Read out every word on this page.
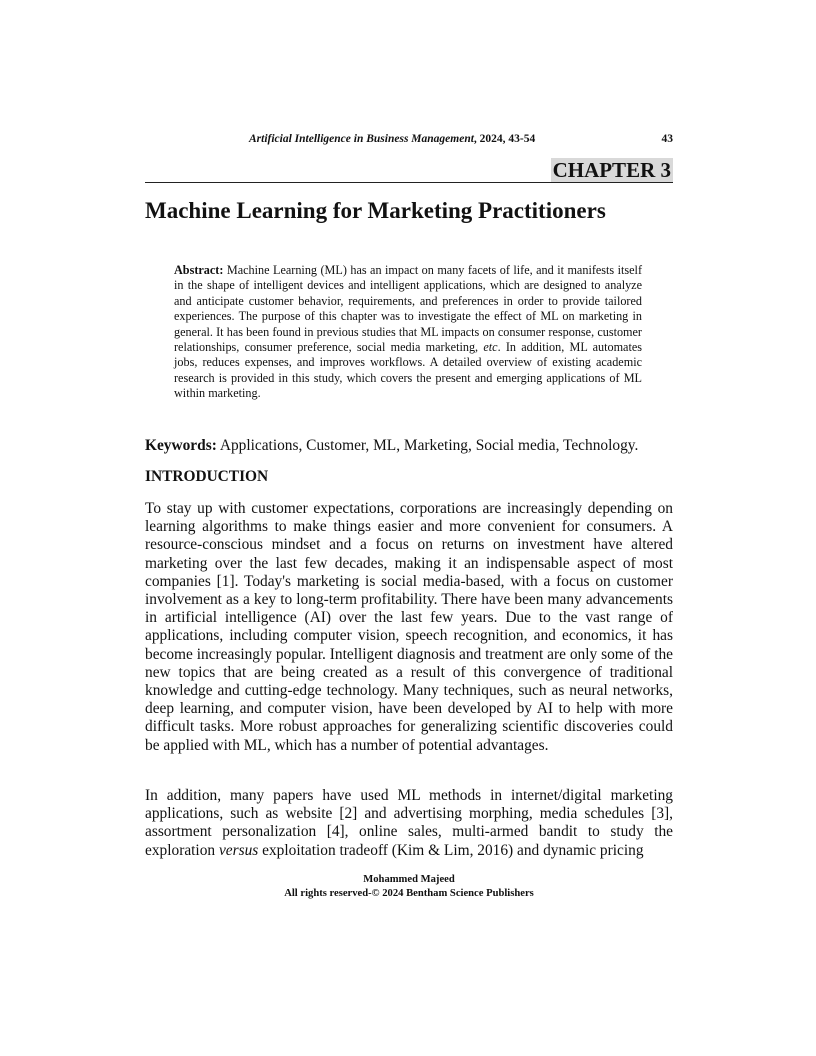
Artificial Intelligence in Business Management, 2024, 43-54	43
CHAPTER 3
Machine Learning for Marketing Practitioners
Abstract: Machine Learning (ML) has an impact on many facets of life, and it manifests itself in the shape of intelligent devices and intelligent applications, which are designed to analyze and anticipate customer behavior, requirements, and preferences in order to provide tailored experiences. The purpose of this chapter was to investigate the effect of ML on marketing in general. It has been found in previous studies that ML impacts on consumer response, customer relationships, consumer preference, social media marketing, etc. In addition, ML automates jobs, reduces expenses, and improves workflows. A detailed overview of existing academic research is provided in this study, which covers the present and emerging applications of ML within marketing.
Keywords: Applications, Customer, ML, Marketing, Social media, Technology.
INTRODUCTION

To stay up with customer expectations, corporations are increasingly depending on learning algorithms to make things easier and more convenient for consumers. A resource-conscious mindset and a focus on returns on investment have altered marketing over the last few decades, making it an indispensable aspect of most companies [1]. Today's marketing is social media-based, with a focus on customer involvement as a key to long-term profitability. There have been many advancements in artificial intelligence (AI) over the last few years. Due to the vast range of applications, including computer vision, speech recognition, and economics, it has become increasingly popular. Intelligent diagnosis and treatment are only some of the new topics that are being created as a result of this convergence of traditional knowledge and cutting-edge technology. Many techniques, such as neural networks, deep learning, and computer vision, have been developed by AI to help with more difficult tasks. More robust approaches for generalizing scientific discoveries could be applied with ML, which has a number of potential advantages.

In addition, many papers have used ML methods in internet/digital marketing applications, such as website [2] and advertising morphing, media schedules [3], assortment personalization [4], online sales, multi-armed bandit to study the exploration versus exploitation tradeoff (Kim & Lim, 2016) and dynamic pricing

Mohammed Majeed
All rights reserved-© 2024 Bentham Science Publishers
